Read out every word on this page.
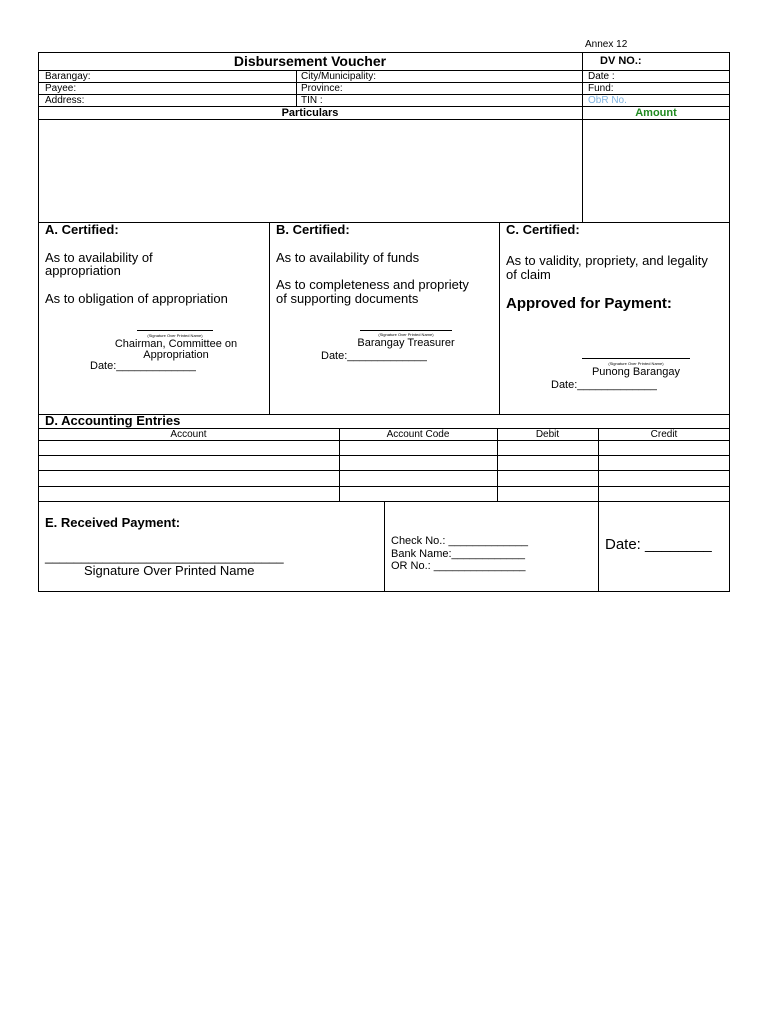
Annex 12
Disbursement Voucher	DV NO.:
Barangay:	City/Municipality:	Date :
Payee:	Province:	Fund:
Address:	TIN :	ObR No.
Particulars	Amount
A. Certified:
As to availability of
appropriation
As to obligation of appropriation
(Signature Over Printed Name)
Chairman, Committee on
Appropriation
Date:_____________
B. Certified:
As to availability of funds
As to completeness and propriety
of supporting documents
(Signature Over Printed Name)
Barangay Treasurer
Date:_____________
C. Certified:
As to validity, propriety, and legality
of claim
Approved for Payment:
(Signature Over Printed Name)
Punong Barangay
Date:_____________
D. Accounting Entries
Account	Account Code	Debit	Credit
E. Received Payment:
_________________________________
Signature Over Printed Name
Check No.: _____________
Bank Name:____________
OR No.: _______________
Date: ________
